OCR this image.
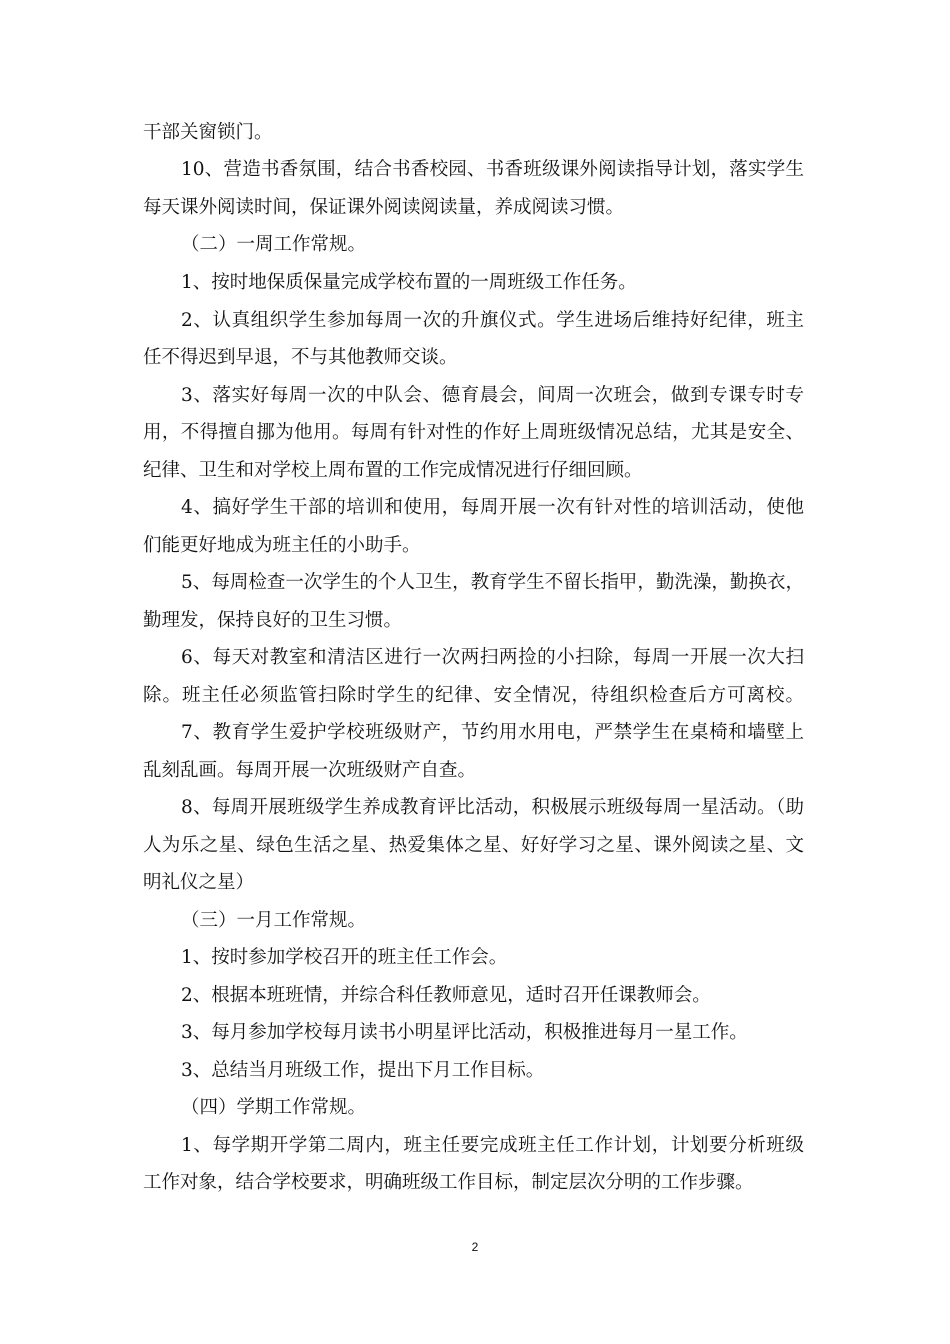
干部关窗锁门。

10、营造书香氛围，结合书香校园、书香班级课外阅读指导计划，落实学生

每天课外阅读时间，保证课外阅读阅读量，养成阅读习惯。

（二）一周工作常规。

1、按时地保质保量完成学校布置的一周班级工作任务。

2、认真组织学生参加每周一次的升旗仪式。学生进场后维持好纪律，班主

任不得迟到早退，不与其他教师交谈。

3、落实好每周一次的中队会、德育晨会，间周一次班会，做到专课专时专

用，不得擅自挪为他用。每周有针对性的作好上周班级情况总结，尤其是安全、

纪律、卫生和对学校上周布置的工作完成情况进行仔细回顾。

4、搞好学生干部的培训和使用，每周开展一次有针对性的培训活动，使他

们能更好地成为班主任的小助手。

5、每周检查一次学生的个人卫生，教育学生不留长指甲，勤洗澡，勤换衣，

勤理发，保持良好的卫生习惯。

6、每天对教室和清洁区进行一次两扫两捡的小扫除，每周一开展一次大扫

除。班主任必须监管扫除时学生的纪律、安全情况，待组织检查后方可离校。

7、教育学生爱护学校班级财产，节约用水用电，严禁学生在桌椅和墙壁上

乱刻乱画。每周开展一次班级财产自查。

8、每周开展班级学生养成教育评比活动，积极展示班级每周一星活动。（助

人为乐之星、绿色生活之星、热爱集体之星、好好学习之星、课外阅读之星、文

明礼仪之星）

（三）一月工作常规。

1、按时参加学校召开的班主任工作会。

2、根据本班班情，并综合科任教师意见，适时召开任课教师会。

3、每月参加学校每月读书小明星评比活动，积极推进每月一星工作。

3、总结当月班级工作，提出下月工作目标。

（四）学期工作常规。

1、每学期开学第二周内，班主任要完成班主任工作计划，计划要分析班级

工作对象，结合学校要求，明确班级工作目标，制定层次分明的工作步骤。

2
